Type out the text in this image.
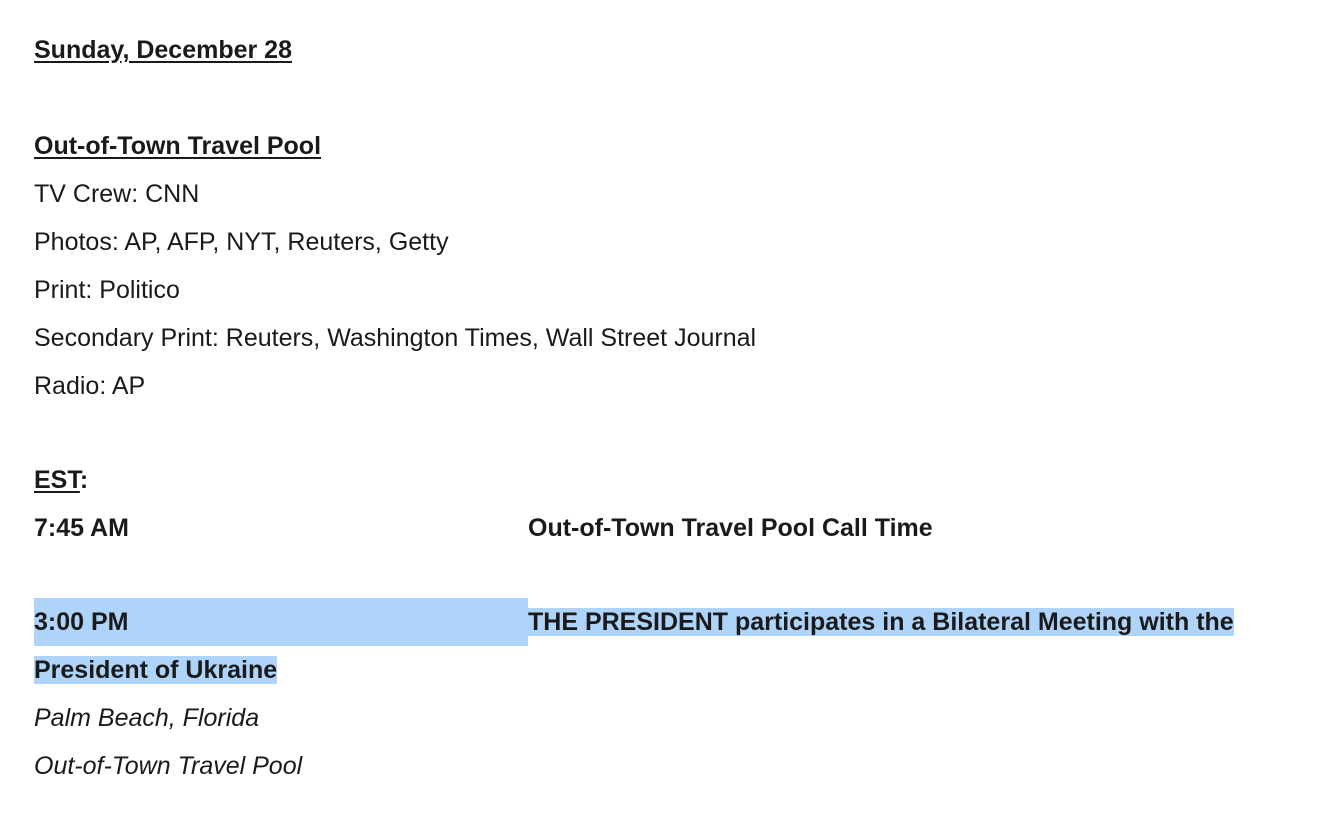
Sunday, December 28
Out-of-Town Travel Pool
TV Crew: CNN
Photos: AP, AFP, NYT, Reuters, Getty
Print: Politico
Secondary Print: Reuters, Washington Times, Wall Street Journal
Radio: AP
EST:
7:45 AM	Out-of-Town Travel Pool Call Time
3:00 PM	THE PRESIDENT participates in a Bilateral Meeting with the
President of Ukraine
Palm Beach, Florida
Out-of-Town Travel Pool
